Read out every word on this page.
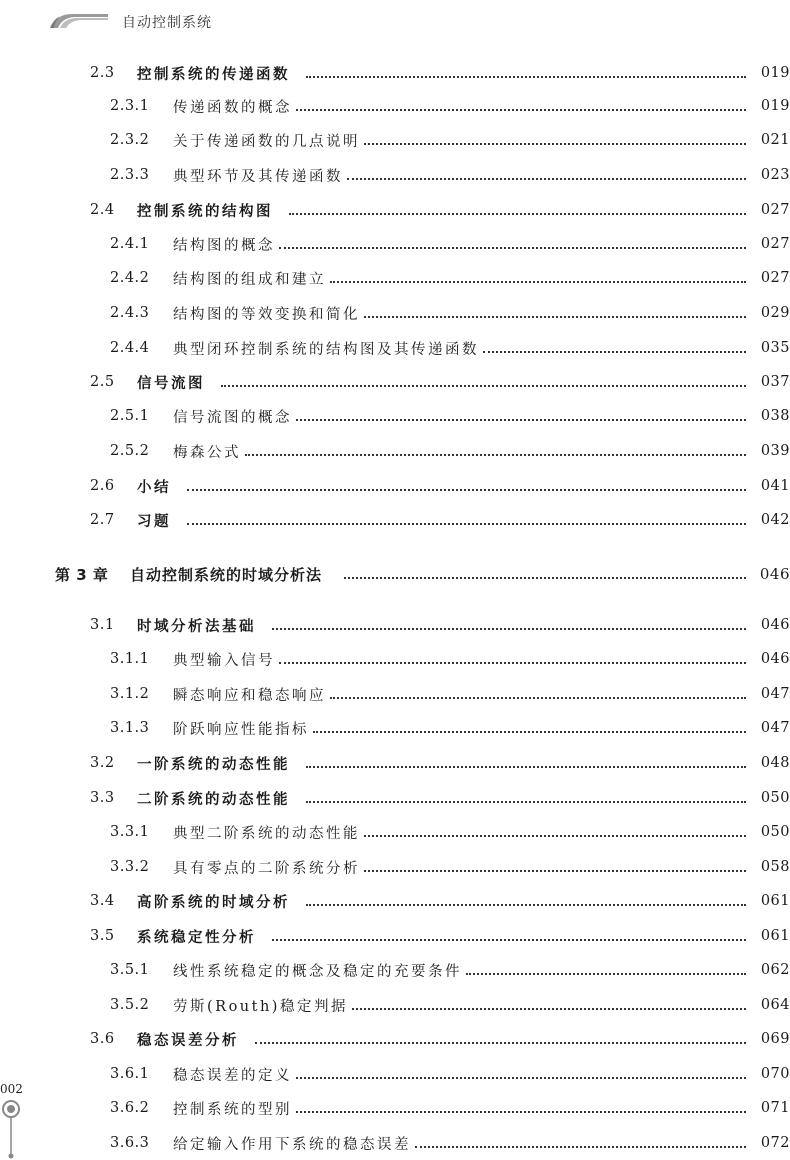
自动控制系统
2.3	控制系统的传递函数	019
2.3.1	传递函数的概念	019
2.3.2	关于传递函数的几点说明	021
2.3.3	典型环节及其传递函数	023
2.4	控制系统的结构图	027
2.4.1	结构图的概念	027
2.4.2	结构图的组成和建立	027
2.4.3	结构图的等效变换和简化	029
2.4.4	典型闭环控制系统的结构图及其传递函数	035
2.5	信号流图	037
2.5.1	信号流图的概念	038
2.5.2	梅森公式	039
2.6	小结	041
2.7	习题	042
第 3 章	自动控制系统的时域分析法	046
3.1	时域分析法基础	046
3.1.1	典型输入信号	046
3.1.2	瞬态响应和稳态响应	047
3.1.3	阶跃响应性能指标	047
3.2	一阶系统的动态性能	048
3.3	二阶系统的动态性能	050
3.3.1	典型二阶系统的动态性能	050
3.3.2	具有零点的二阶系统分析	058
3.4	高阶系统的时域分析	061
3.5	系统稳定性分析	061
3.5.1	线性系统稳定的概念及稳定的充要条件	062
3.5.2	劳斯(Routh)稳定判据	064
3.6	稳态误差分析	069
3.6.1	稳态误差的定义	070
3.6.2	控制系统的型别	071
3.6.3	给定输入作用下系统的稳态误差	072
002
